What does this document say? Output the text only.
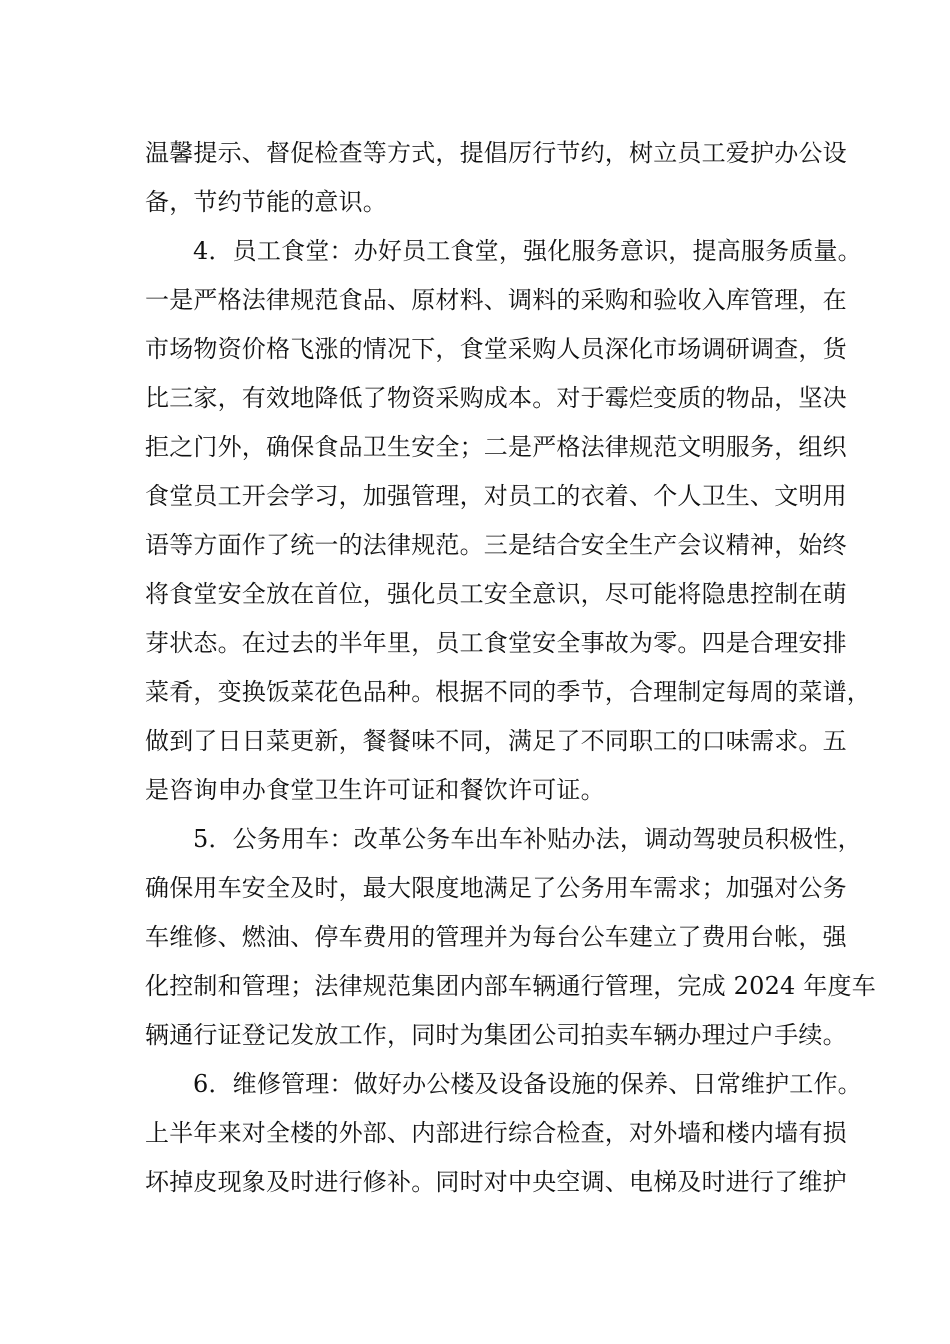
温馨提示、督促检查等方式，提倡厉行节约，树立员工爱护办公设
备，节约节能的意识。
4．员工食堂：办好员工食堂，强化服务意识，提高服务质量。
一是严格法律规范食品、原材料、调料的采购和验收入库管理，在
市场物资价格飞涨的情况下，食堂采购人员深化市场调研调查，货
比三家，有效地降低了物资采购成本。对于霉烂变质的物品，坚决
拒之门外，确保食品卫生安全；二是严格法律规范文明服务，组织
食堂员工开会学习，加强管理，对员工的衣着、个人卫生、文明用
语等方面作了统一的法律规范。三是结合安全生产会议精神，始终
将食堂安全放在首位，强化员工安全意识，尽可能将隐患控制在萌
芽状态。在过去的半年里，员工食堂安全事故为零。四是合理安排
菜肴，变换饭菜花色品种。根据不同的季节，合理制定每周的菜谱，
做到了日日菜更新，餐餐味不同，满足了不同职工的口味需求。五
是咨询申办食堂卫生许可证和餐饮许可证。
5．公务用车：改革公务车出车补贴办法，调动驾驶员积极性，
确保用车安全及时，最大限度地满足了公务用车需求；加强对公务
车维修、燃油、停车费用的管理并为每台公车建立了费用台帐，强
化控制和管理；法律规范集团内部车辆通行管理，完成 2024 年度车
辆通行证登记发放工作，同时为集团公司拍卖车辆办理过户手续。
6．维修管理：做好办公楼及设备设施的保养、日常维护工作。
上半年来对全楼的外部、内部进行综合检查，对外墙和楼内墙有损
坏掉皮现象及时进行修补。同时对中央空调、电梯及时进行了维护
